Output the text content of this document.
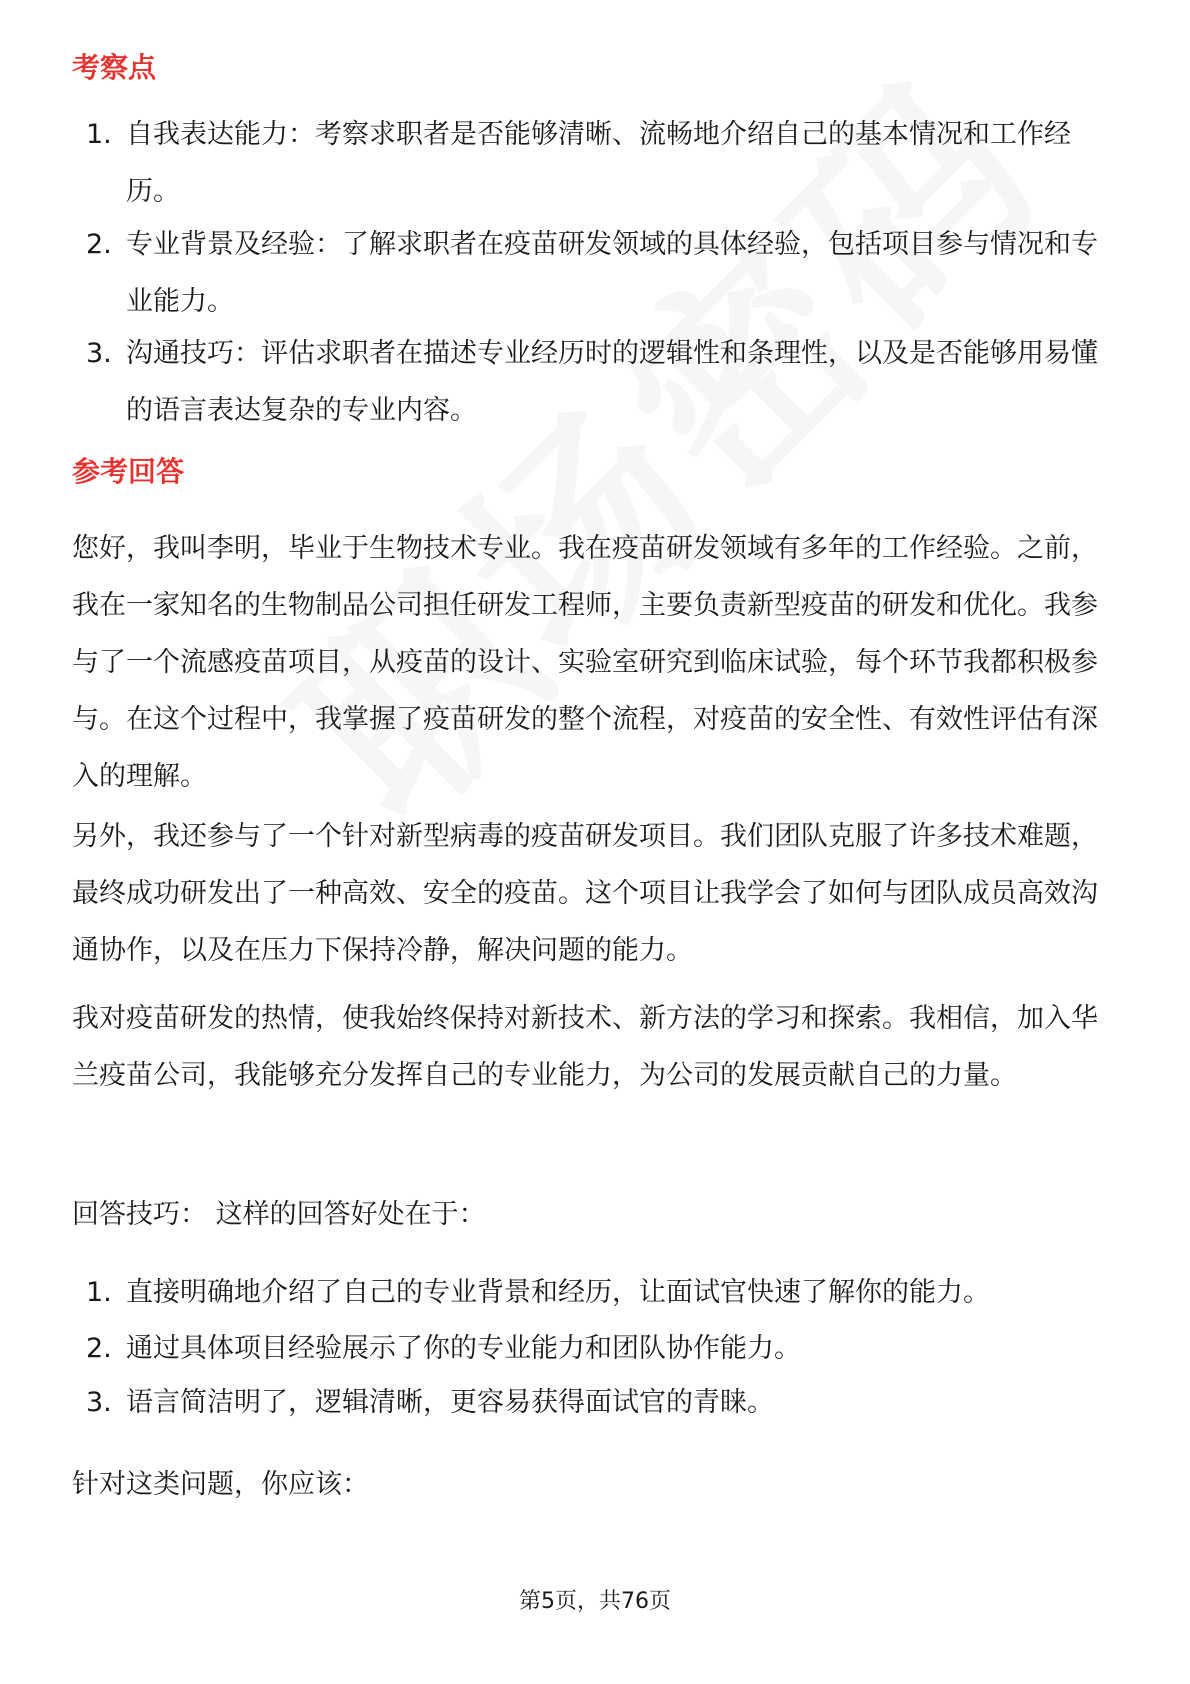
考察点
1. 自我表达能力：考察求职者是否能够清晰、流畅地介绍自己的基本情况和工作经历。
2. 专业背景及经验：了解求职者在疫苗研发领域的具体经验，包括项目参与情况和专业能力。
3. 沟通技巧：评估求职者在描述专业经历时的逻辑性和条理性，以及是否能够用易懂的语言表达复杂的专业内容。
参考回答
您好，我叫李明，毕业于生物技术专业。我在疫苗研发领域有多年的工作经验。之前，我在一家知名的生物制品公司担任研发工程师，主要负责新型疫苗的研发和优化。我参与了一个流感疫苗项目，从疫苗的设计、实验室研究到临床试验，每个环节我都积极参与。在这个过程中，我掌握了疫苗研发的整个流程，对疫苗的安全性、有效性评估有深入的理解。
另外，我还参与了一个针对新型病毒的疫苗研发项目。我们团队克服了许多技术难题，最终成功研发出了一种高效、安全的疫苗。这个项目让我学会了如何与团队成员高效沟通协作，以及在压力下保持冷静，解决问题的能力。
我对疫苗研发的热情，使我始终保持对新技术、新方法的学习和探索。我相信，加入华兰疫苗公司，我能够充分发挥自己的专业能力，为公司的发展贡献自己的力量。
回答技巧： 这样的回答好处在于：
1. 直接明确地介绍了自己的专业背景和经历，让面试官快速了解你的能力。
2. 通过具体项目经验展示了你的专业能力和团队协作能力。
3. 语言简洁明了，逻辑清晰，更容易获得面试官的青睐。
针对这类问题，你应该：
第5页，共76页
